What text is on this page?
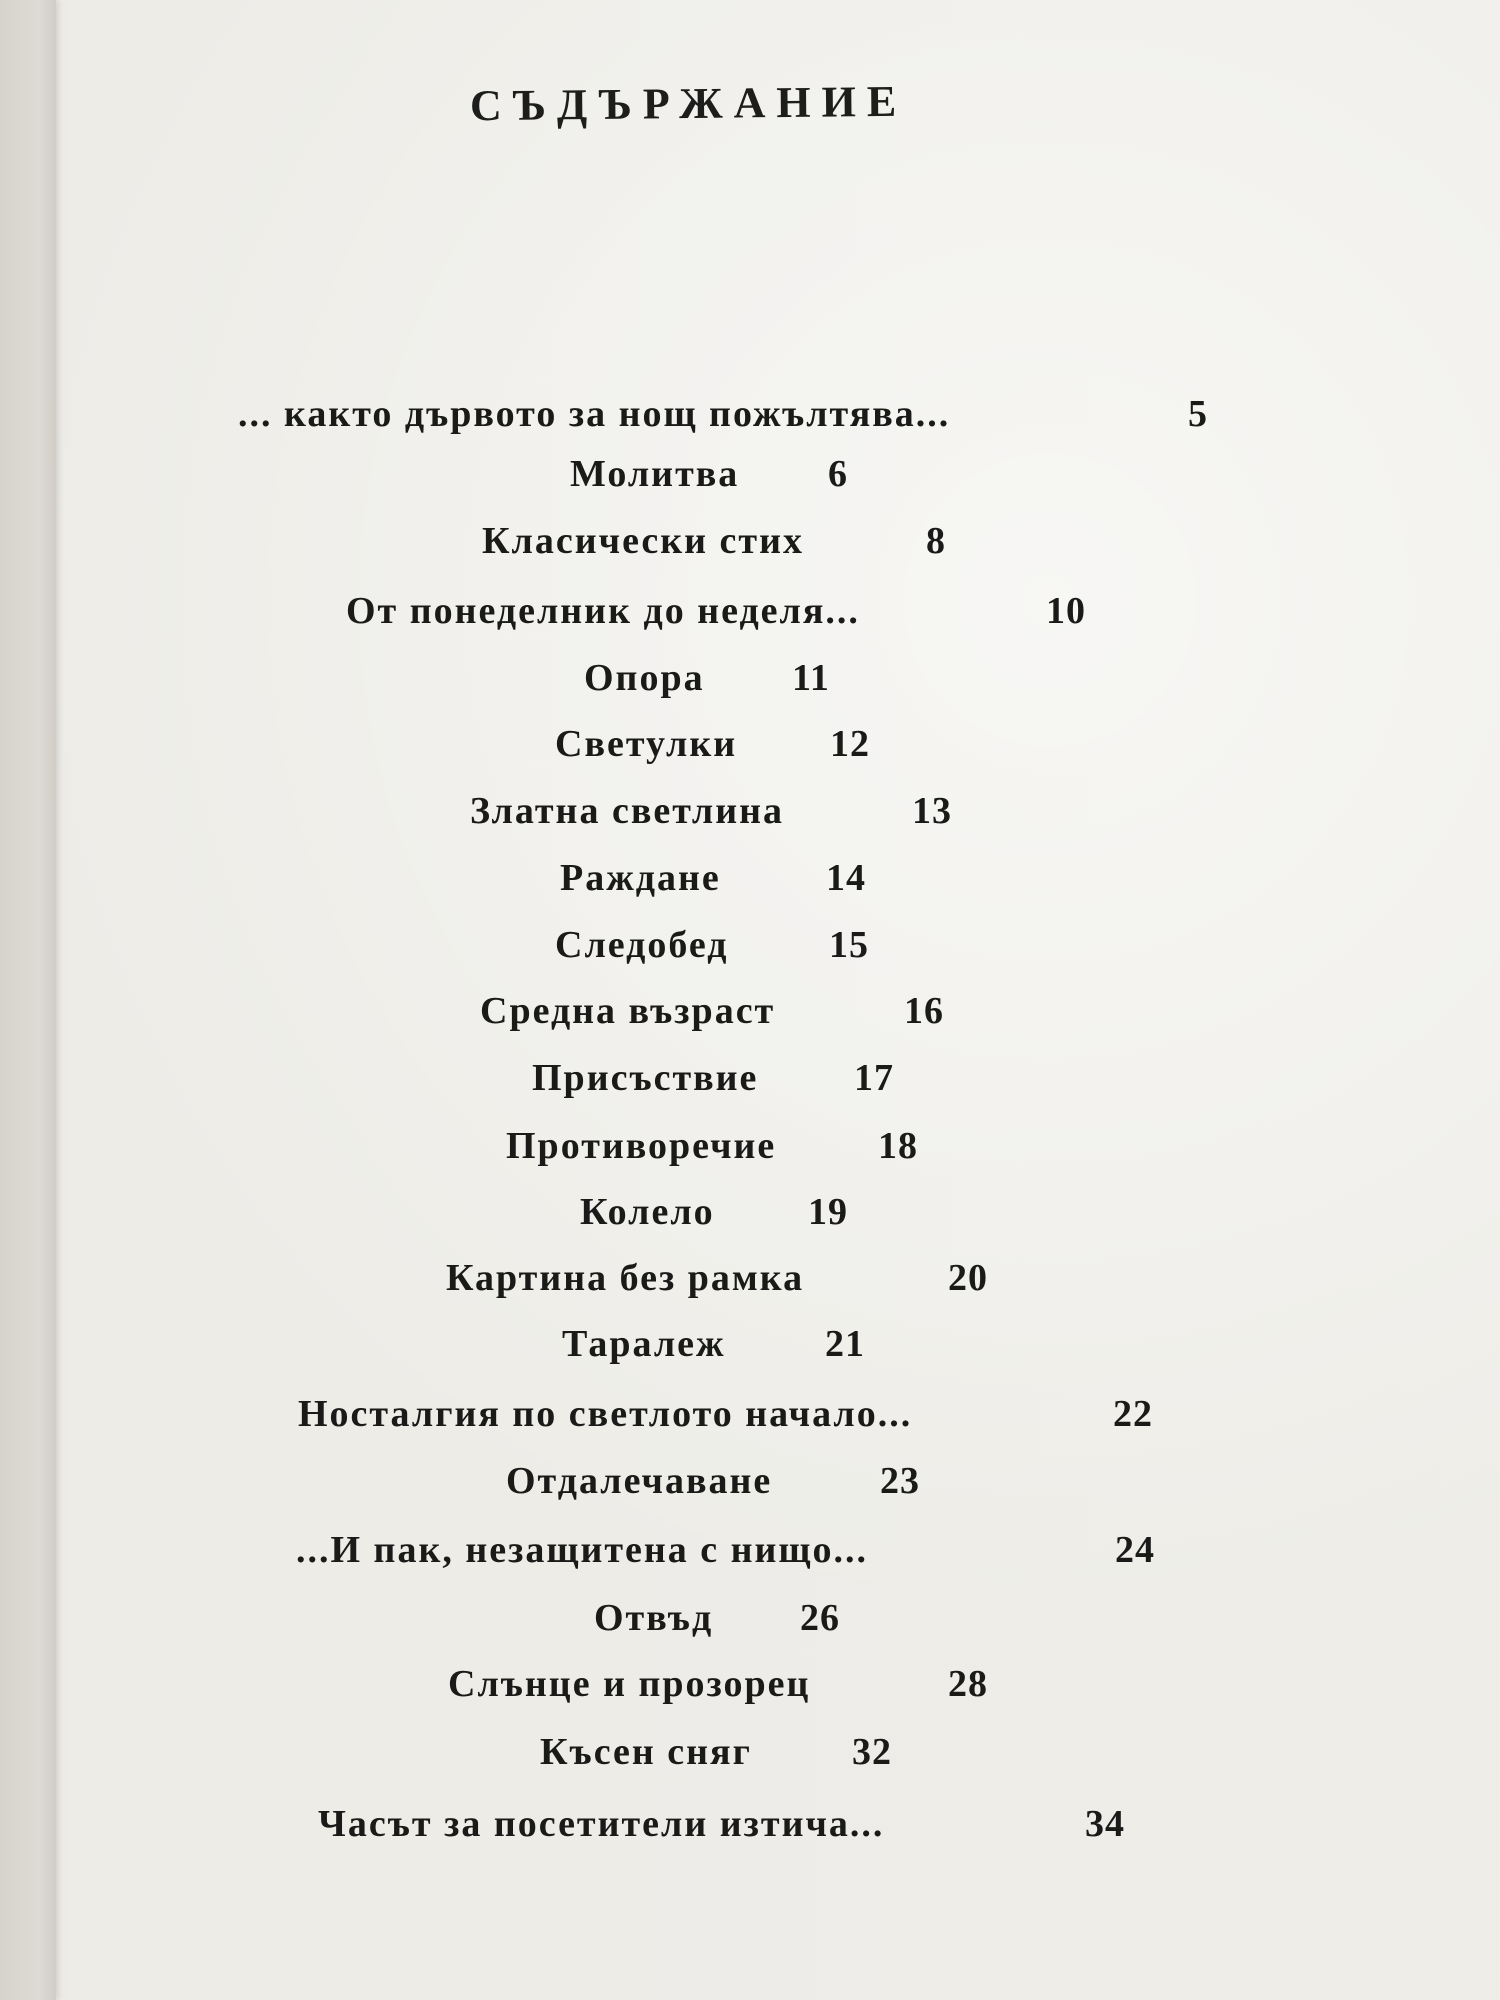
СЪДЪРЖАНИЕ
... както дървото за нощ пожълтява...	5
Молитва 6
Класически стих	8
От понеделник до неделя...	10
Опора 11
Светулки 12
Златна светлина	13
Раждане	14
Следобед	15
Средна възраст	16
Присъствие	17
Противоречие	18
Колело 19
Картина без рамка	20
Таралеж	21
Носталгия по светлото начало...	22
Отдалечаване	23
...И пак, незащитена с нищо...	24
Отвъд 26
Слънце и прозорец	28
Късен сняг	32
Часът за посетители изтича...	34
